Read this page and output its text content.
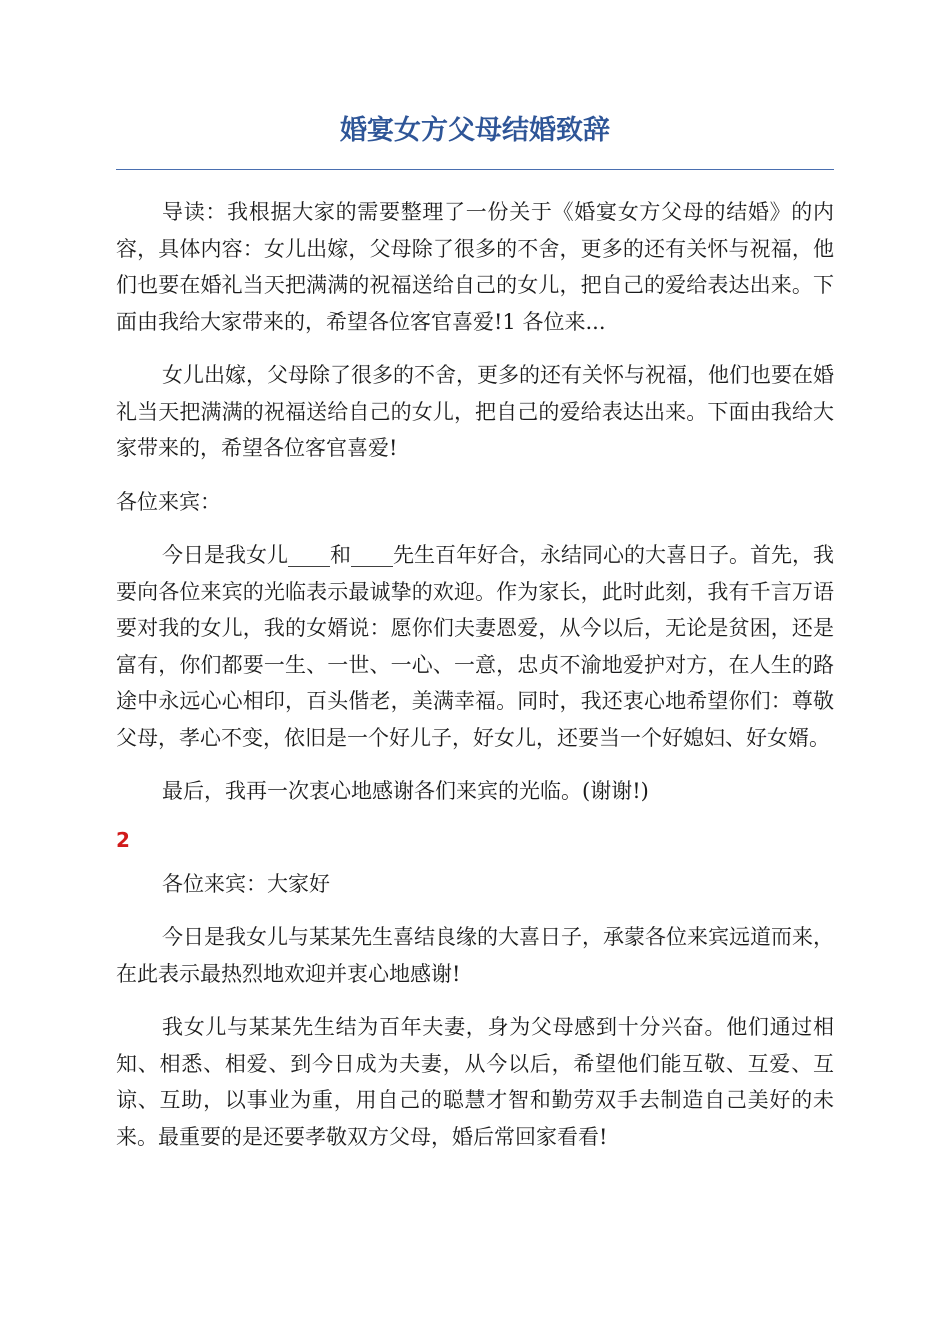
婚宴女方父母结婚致辞

导读：我根据大家的需要整理了一份关于《婚宴女方父母的结婚》的内容，具体内容：女儿出嫁，父母除了很多的不舍，更多的还有关怀与祝福，他们也要在婚礼当天把满满的祝福送给自己的女儿，把自己的爱给表达出来。下面由我给大家带来的，希望各位客官喜爱!1 各位来...

女儿出嫁，父母除了很多的不舍，更多的还有关怀与祝福，他们也要在婚礼当天把满满的祝福送给自己的女儿，把自己的爱给表达出来。下面由我给大家带来的，希望各位客官喜爱!

各位来宾：

今日是我女儿____和____先生百年好合，永结同心的大喜日子。首先，我要向各位来宾的光临表示最诚挚的欢迎。作为家长，此时此刻，我有千言万语要对我的女儿，我的女婿说：愿你们夫妻恩爱，从今以后，无论是贫困，还是富有，你们都要一生、一世、一心、一意，忠贞不渝地爱护对方，在人生的路途中永远心心相印，百头偕老，美满幸福。同时，我还衷心地希望你们：尊敬父母，孝心不变，依旧是一个好儿子，好女儿，还要当一个好媳妇、好女婿。

最后，我再一次衷心地感谢各们来宾的光临。(谢谢!)

2

各位来宾：大家好

今日是我女儿与某某先生喜结良缘的大喜日子，承蒙各位来宾远道而来，在此表示最热烈地欢迎并衷心地感谢!

我女儿与某某先生结为百年夫妻，身为父母感到十分兴奋。他们通过相知、相悉、相爱、到今日成为夫妻，从今以后，希望他们能互敬、互爱、互谅、互助，以事业为重，用自己的聪慧才智和勤劳双手去制造自己美好的未来。最重要的是还要孝敬双方父母，婚后常回家看看!
